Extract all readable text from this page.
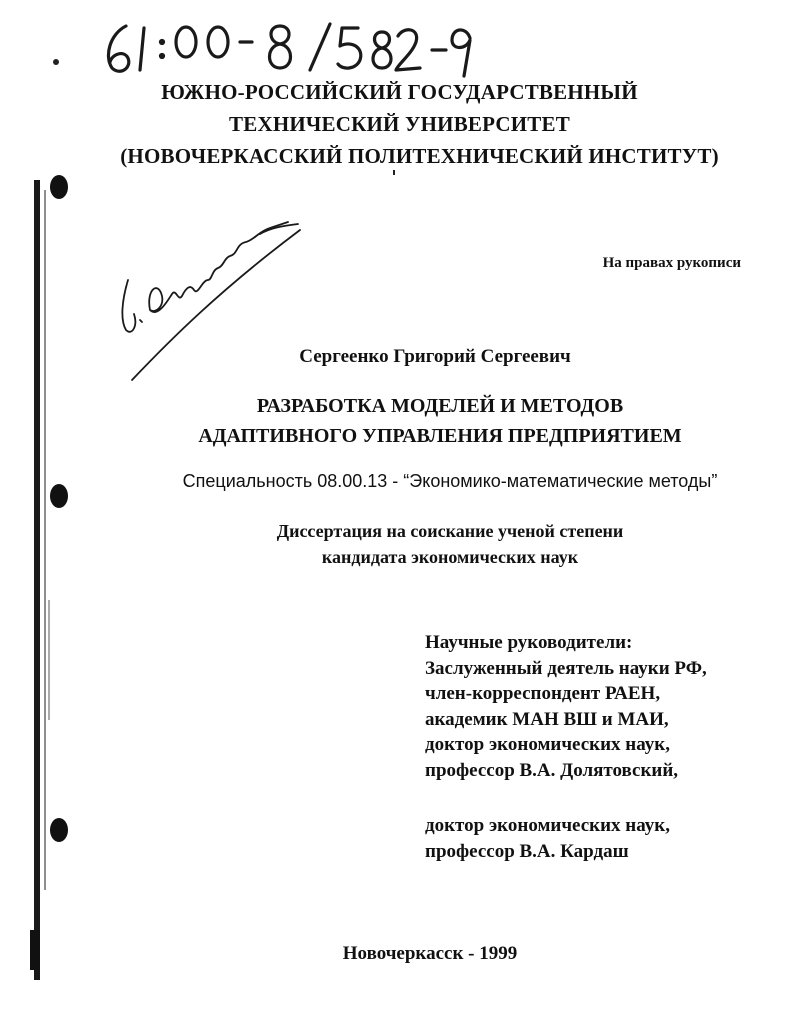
ЮЖНО-РОССИЙСКИЙ ГОСУДАРСТВЕННЫЙ
ТЕХНИЧЕСКИЙ УНИВЕРСИТЕТ
(НОВОЧЕРКАССКИЙ ПОЛИТЕХНИЧЕСКИЙ ИНСТИТУТ)
На правах рукописи
Сергеенко Григорий Сергеевич
РАЗРАБОТКА МОДЕЛЕЙ И МЕТОДОВ
АДАПТИВНОГО УПРАВЛЕНИЯ ПРЕДПРИЯТИЕМ
Специальность 08.00.13 - “Экономико-математические методы”
Диссертация на соискание ученой степени
кандидата экономических наук
Научные руководители:
Заслуженный деятель науки РФ,
член-корреспондент РАЕН,
академик МАН ВШ и МАИ,
доктор экономических наук,
профессор В.А. Долятовский,
доктор экономических наук,
профессор В.А. Кардаш
Новочеркасск - 1999
